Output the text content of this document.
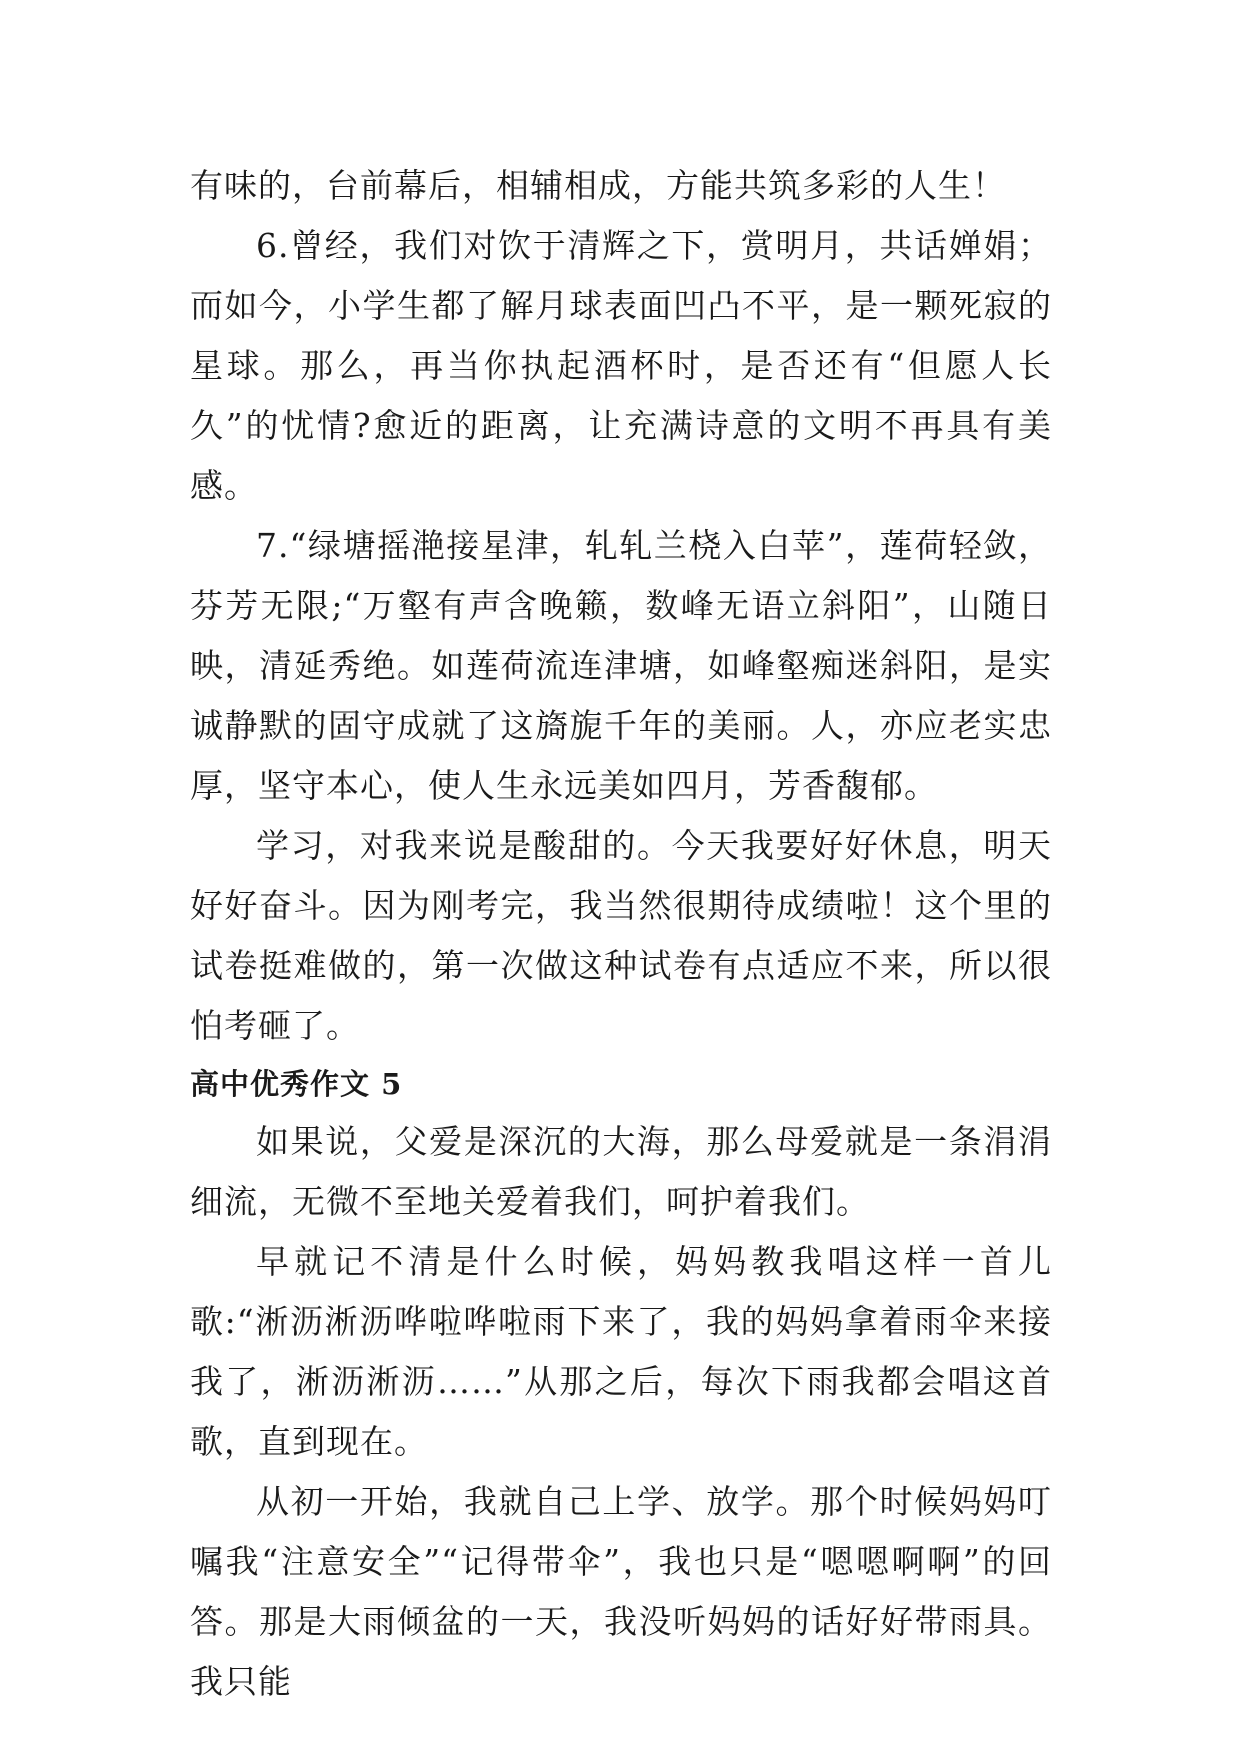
有味的，台前幕后，相辅相成，方能共筑多彩的人生！

6.曾经，我们对饮于清辉之下，赏明月，共话婵娟；而如今，小学生都了解月球表面凹凸不平，是一颗死寂的星球。那么，再当你执起酒杯时，是否还有“但愿人长久”的忧情?愈近的距离，让充满诗意的文明不再具有美感。

7.“绿塘摇滟接星津，轧轧兰桡入白苹”，莲荷轻敛，芬芳无限;“万壑有声含晚籁，数峰无语立斜阳”，山随日映，清延秀绝。如莲荷流连津塘，如峰壑痴迷斜阳，是实诚静默的固守成就了这旖旎千年的美丽。人，亦应老实忠厚，坚守本心，使人生永远美如四月，芳香馥郁。

学习，对我来说是酸甜的。今天我要好好休息，明天好好奋斗。因为刚考完，我当然很期待成绩啦！这个里的试卷挺难做的，第一次做这种试卷有点适应不来，所以很怕考砸了。

高中优秀作文 5

如果说，父爱是深沉的大海，那么母爱就是一条涓涓细流，无微不至地关爱着我们，呵护着我们。

早就记不清是什么时候，妈妈教我唱这样一首儿歌:“淅沥淅沥哗啦哗啦雨下来了，我的妈妈拿着雨伞来接我了，淅沥淅沥……”从那之后，每次下雨我都会唱这首歌，直到现在。

从初一开始，我就自己上学、放学。那个时候妈妈叮嘱我“注意安全”“记得带伞”，我也只是“嗯嗯啊啊”的回答。那是大雨倾盆的一天，我没听妈妈的话好好带雨具。我只能
